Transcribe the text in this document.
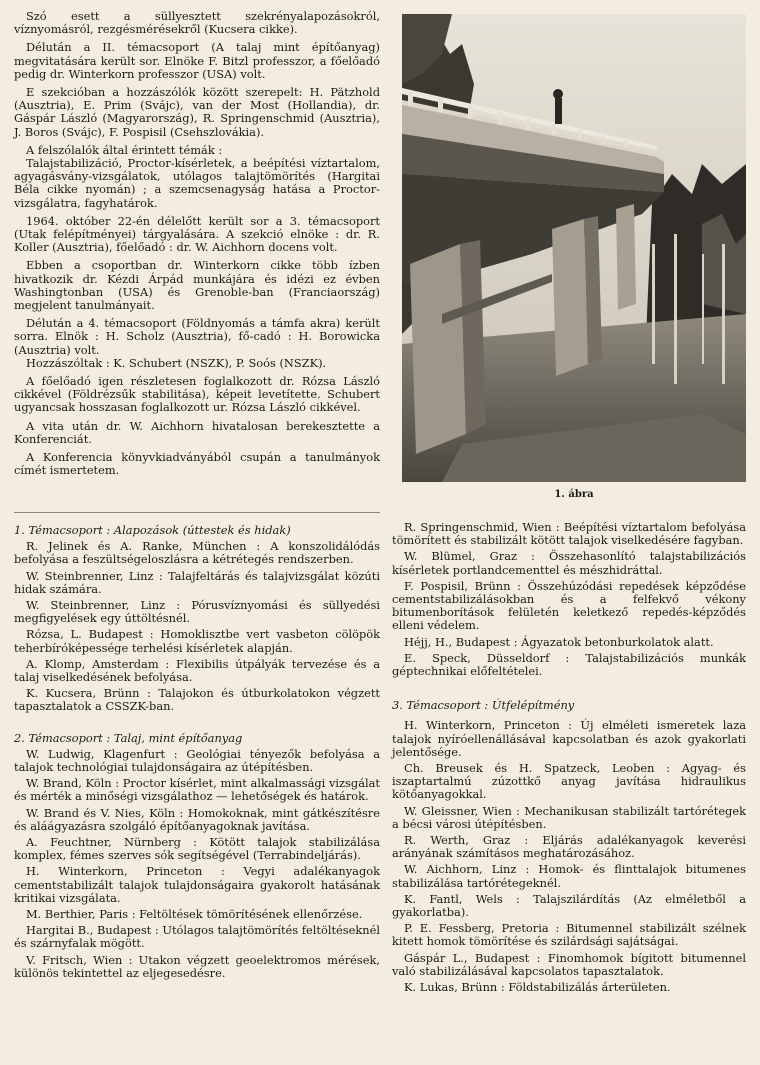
Szó esett a süllyesztett szekrényalapozásokról, víznyomásról, rezgésmérésekről (Kucsera cikke).

Délután a II. témacsoport (A talaj mint építőanyag) megvitatására került sor. Elnöke F. Bitzl professzor, a főelőadó pedig dr. Winterkorn professzor (USA) volt.

E szekcióban a hozzászólók között szerepelt: H. Pätzhold (Ausztria), E. Prim (Svájc), van der Most (Hollandia), dr. Gáspár László (Magyarország), R. Springenschmid (Ausztria), J. Boros (Svájc), F. Pospisil (Csehszlovákia).

A felszólalók által érintett témák :

Talajstabilizáció, Proctor-kísérletek, a beépítési víztartalom, agyagásvány-vizsgálatok, utólagos talajtömörítés (Hargitai Béla cikke nyomán) ; a szemcsenagyság hatása a Proctor-vizsgálatra, fagyhatárok.

1964. október 22-én délelőtt került sor a 3. témacsoport (Utak felépítményei) tárgyalására. A szekció elnöke : dr. R. Koller (Ausztria), főelőadó : dr. W. Aichhorn docens volt.

Ebben a csoportban dr. Winterkorn cikke több ízben hivatkozik dr. Kézdi Árpád munkájára és idézi ez évben Washingtonban (USA) és Grenoble-ban (Franciaország) megjelent tanulmányait.

Délután a 4. témacsoport (Földnyomás a támfa akra) került sorra. Elnök : H. Scholz (Ausztria), fő-cadó : H. Borowicka (Ausztria) volt.

Hozzászóltak : K. Schubert (NSZK), P. Soós (NSZK).

A főelőadó igen részletesen foglalkozott dr. Rózsa László cikkével (Földrézsűk stabilitása), képeit levetítette. Schubert ugyancsak hosszasan foglalkozott ur. Rózsa László cikkével.

A vita után dr. W. Aichhorn hivatalosan berekesztette a Konferenciát.

A Konferencia könyvkiadványából csupán a tanulmányok címét ismertetem.

1. ábra
1. Témacsoport : Alapozások (úttestek és hidak)

R. Jelinek és A. Ranke, München : A konszolidálódás befolyása a feszültségeloszlásra a kétrétegés rendszerben.

W. Steinbrenner, Linz : Talajfeltárás és talajvizsgálat közúti hidak számára.

W. Steinbrenner, Linz : Pórusvíznyomási és süllyedési megfigyelések egy úttöltésnél.

Rózsa, L. Budapest : Homoklisztbe vert vasbeton cölöpök teherbíróképessége terhelési kísérletek alapján.

A. Klomp, Amsterdam : Flexibilis útpályák tervezése és a talaj viselkedésének befolyása.

K. Kucsera, Brünn : Talajokon és útburkolatokon végzett tapasztalatok a CSSZK-ban.

2. Témacsoport : Talaj, mint építőanyag

W. Ludwig, Klagenfurt : Geológiai tényezők befolyása a talajok technológiai tulajdonságaira az útépítésben.

W. Brand, Köln : Proctor kísérlet, mint alkalmassági vizsgálat és mérték a minőségi vizsgálathoz — lehetőségek és határok.

W. Brand és V. Nies, Köln : Homokoknak, mint gátkészítésre és aláágyazásra szolgáló építőanyagoknak javítása.

A. Feuchtner, Nürnberg : Kötött talajok stabilizálása komplex, fémes szerves sók segítségével (Terrabindeljárás).

H. Winterkorn, Princeton : Vegyi adalékanyagok cementstabilizált talajok tulajdonságaira gyakorolt hatásának kritikai vizsgálata.

M. Berthier, Paris : Feltöltések tömörítésének ellenőrzése.

Hargitai B., Budapest : Utólagos talajtömörítés feltöltéseknél és szárnyfalak mögött.

V. Fritsch, Wien : Utakon végzett geoelektromos mérések, különös tekintettel az eljegesedésre.

R. Springenschmid, Wien : Beépítési víztartalom befolyása tömörített és stabilizált kötött talajok viselkedésére fagyban.

W. Blümel, Graz : Összehasonlító talajstabilizációs kísérletek portlandcementtel és mészhidráttal.

F. Pospisil, Brünn : Összehúzódási repedések képződése cementstabilizálásokban és a felfekvő vékony bitumenborítások felületén keletkező repedés-képződés elleni védelem.

Héjj, H., Budapest : Ágyazatok betonburkolatok alatt.

E. Speck, Düsseldorf : Talajstabilizációs munkák géptechnikai előfeltételei.

3. Témacsoport : Útfelépítmény

H. Winterkorn, Princeton : Új elméleti ismeretek laza talajok nyíróellenállásával kapcsolatban és azok gyakorlati jelentősége.

Ch. Breusek és H. Spatzeck, Leoben : Agyag- és iszaptartalmú zúzottkő anyag javítása hidraulikus kötőanyagokkal.

W. Gleissner, Wien : Mechanikusan stabilizált tartórétegek a bécsi városi útépítésben.

R. Werth, Graz : Eljárás adalékanyagok keverési arányának számításos meghatározásához.

W. Aichhorn, Linz : Homok- és flinttalajok bitumenes stabilizálása tartórétegeknél.

K. Fantl, Wels : Talajszilárdítás (Az elméletből a gyakorlatba).

P. E. Fessberg, Pretoria : Bitumennel stabilizált szélnek kitett homok tömörítése és szilárdsági sajátságai.

Gáspár L., Budapest : Finomhomok bígitott bitumennel való stabilizálásával kapcsolatos tapasztalatok.

K. Lukas, Brünn : Földstabilizálás árterületen.
